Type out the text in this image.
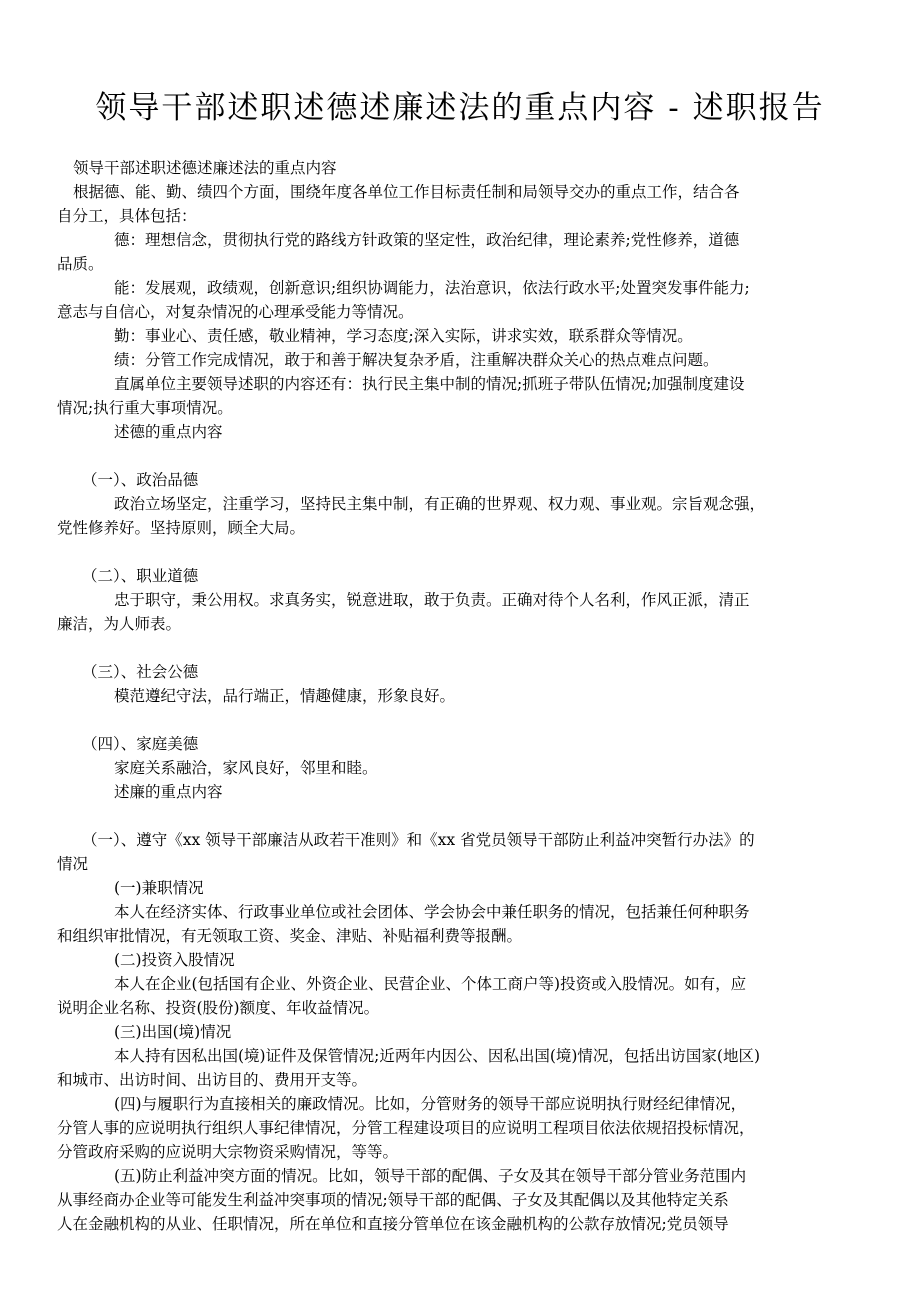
领导干部述职述德述廉述法的重点内容 - 述职报告

领导干部述职述德述廉述法的重点内容

根据德、能、勤、绩四个方面，围绕年度各单位工作目标责任制和局领导交办的重点工作，结合各

自分工，具体包括：

德：理想信念，贯彻执行党的路线方针政策的坚定性，政治纪律，理论素养;党性修养，道德

品质。

能：发展观，政绩观，创新意识;组织协调能力，法治意识，依法行政水平;处置突发事件能力;

意志与自信心，对复杂情况的心理承受能力等情况。

勤：事业心、责任感，敬业精神，学习态度;深入实际，讲求实效，联系群众等情况。

绩：分管工作完成情况，敢于和善于解决复杂矛盾，注重解决群众关心的热点难点问题。

直属单位主要领导述职的内容还有：执行民主集中制的情况;抓班子带队伍情况;加强制度建设

情况;执行重大事项情况。

述德的重点内容

（一）、政治品德

政治立场坚定，注重学习，坚持民主集中制，有正确的世界观、权力观、事业观。宗旨观念强，

党性修养好。坚持原则，顾全大局。

（二）、职业道德

忠于职守，秉公用权。求真务实，锐意进取，敢于负责。正确对待个人名利，作风正派，清正

廉洁，为人师表。

（三）、社会公德

模范遵纪守法，品行端正，情趣健康，形象良好。

（四）、家庭美德

家庭关系融洽，家风良好，邻里和睦。

述廉的重点内容

（一）、遵守《xx 领导干部廉洁从政若干准则》和《xx 省党员领导干部防止利益冲突暂行办法》的

情况

(一)兼职情况

本人在经济实体、行政事业单位或社会团体、学会协会中兼任职务的情况，包括兼任何种职务

和组织审批情况，有无领取工资、奖金、津贴、补贴福利费等报酬。

(二)投资入股情况

本人在企业(包括国有企业、外资企业、民营企业、个体工商户等)投资或入股情况。如有，应

说明企业名称、投资(股份)额度、年收益情况。

(三)出国(境)情况

本人持有因私出国(境)证件及保管情况;近两年内因公、因私出国(境)情况，包括出访国家(地区)

和城市、出访时间、出访目的、费用开支等。

(四)与履职行为直接相关的廉政情况。比如，分管财务的领导干部应说明执行财经纪律情况，

分管人事的应说明执行组织人事纪律情况，分管工程建设项目的应说明工程项目依法依规招投标情况，

分管政府采购的应说明大宗物资采购情况，等等。

(五)防止利益冲突方面的情况。比如，领导干部的配偶、子女及其在领导干部分管业务范围内

从事经商办企业等可能发生利益冲突事项的情况;领导干部的配偶、子女及其配偶以及其他特定关系

人在金融机构的从业、任职情况，所在单位和直接分管单位在该金融机构的公款存放情况;党员领导
